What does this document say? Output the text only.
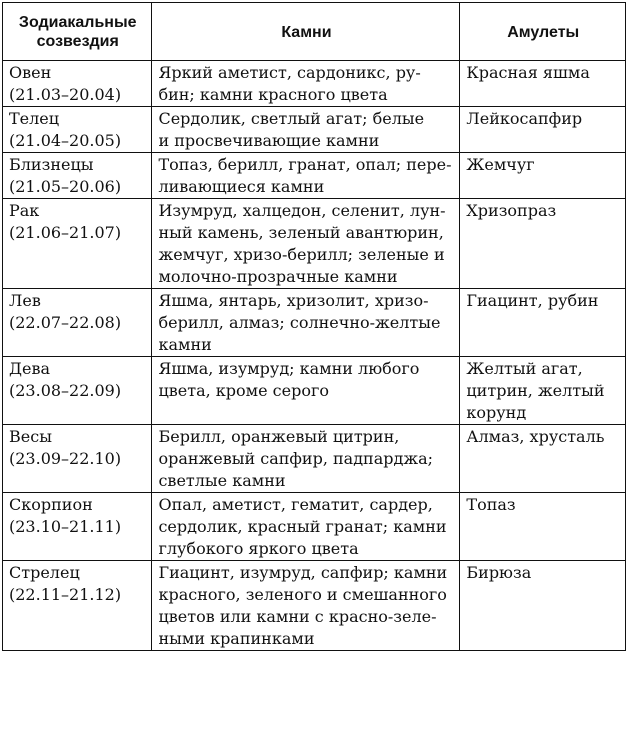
Зодиакальные
созвездия	Камни	Амулеты

Овен
(21.03–20.04)	Яркий аметист, сардоникс, ру-
бин; камни красного цвета	Красная яшма

Телец
(21.04–20.05)	Сердолик, светлый агат; белые
и просвечивающие камни	Лейкосапфир

Близнецы
(21.05–20.06)	Топаз, берилл, гранат, опал; пере-
ливающиеся камни	Жемчуг

Рак
(21.06–21.07)	Изумруд, халцедон, селенит, лун-
ный камень, зеленый авантюрин,
жемчуг, хризо-берилл; зеленые и
молочно-прозрачные камни	Хризопраз

Лев
(22.07–22.08)	Яшма, янтарь, хризолит, хризо-
берилл, алмаз; солнечно-желтые
камни	Гиацинт, рубин

Дева
(23.08–22.09)	Яшма, изумруд; камни любого
цвета, кроме серого	Желтый агат,
цитрин, желтый
корунд

Весы
(23.09–22.10)	Берилл, оранжевый цитрин,
оранжевый сапфир, падпарджа;
светлые камни	Алмаз, хрусталь

Скорпион
(23.10–21.11)	Опал, аметист, гематит, сардер,
сердолик, красный гранат; камни
глубокого яркого цвета	Топаз

Стрелец
(22.11–21.12)	Гиацинт, изумруд, сапфир; камни
красного, зеленого и смешанного
цветов или камни с красно-зеле-
ными крапинками	Бирюза
